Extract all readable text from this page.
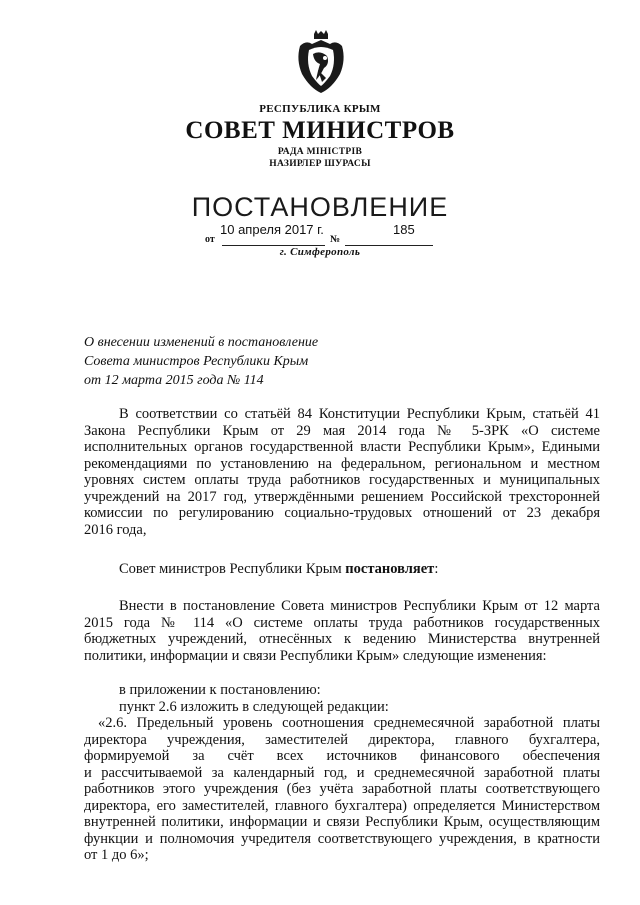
РЕСПУБЛИКА КРЫМ
СОВЕТ МИНИСТРОВ
РАДА МІНІСТРІВ
НАЗИРЛЕР ШУРАСЫ
ПОСТАНОВЛЕНИЕ
10 апреля 2017 г.	185
от	№
г. Симферополь
О внесении изменений в постановление
Совета министров Республики Крым
от 12 марта 2015 года № 114
В соответствии со статьёй 84 Конституции Республики Крым, статьёй 41
Закона Республики Крым от 29 мая 2014 года № 5-ЗРК «О системе
исполнительных органов государственной власти Республики Крым», Едиными
рекомендациями по установлению на федеральном, региональном и местном
уровнях систем оплаты труда работников государственных и муниципальных
учреждений на 2017 год, утверждёнными решением Российской трехсторонней
комиссии по регулированию социально-трудовых отношений от 23 декабря
2016 года,
Совет министров Республики Крым постановляет:
Внести в постановление Совета министров Республики Крым от 12 марта
2015 года № 114 «О системе оплаты труда работников государственных
бюджетных учреждений, отнесённых к ведению Министерства внутренней
политики, информации и связи Республики Крым» следующие изменения:
в приложении к постановлению:
пункт 2.6 изложить в следующей редакции:
«2.6. Предельный уровень соотношения среднемесячной заработной платы
директора учреждения, заместителей директора, главного бухгалтера,
формируемой за счёт всех источников финансового обеспечения
и рассчитываемой за календарный год, и среднемесячной заработной платы
работников этого учреждения (без учёта заработной платы соответствующего
директора, его заместителей, главного бухгалтера) определяется Министерством
внутренней политики, информации и связи Республики Крым, осуществляющим
функции и полномочия учредителя соответствующего учреждения, в кратности
от 1 до 6»;
